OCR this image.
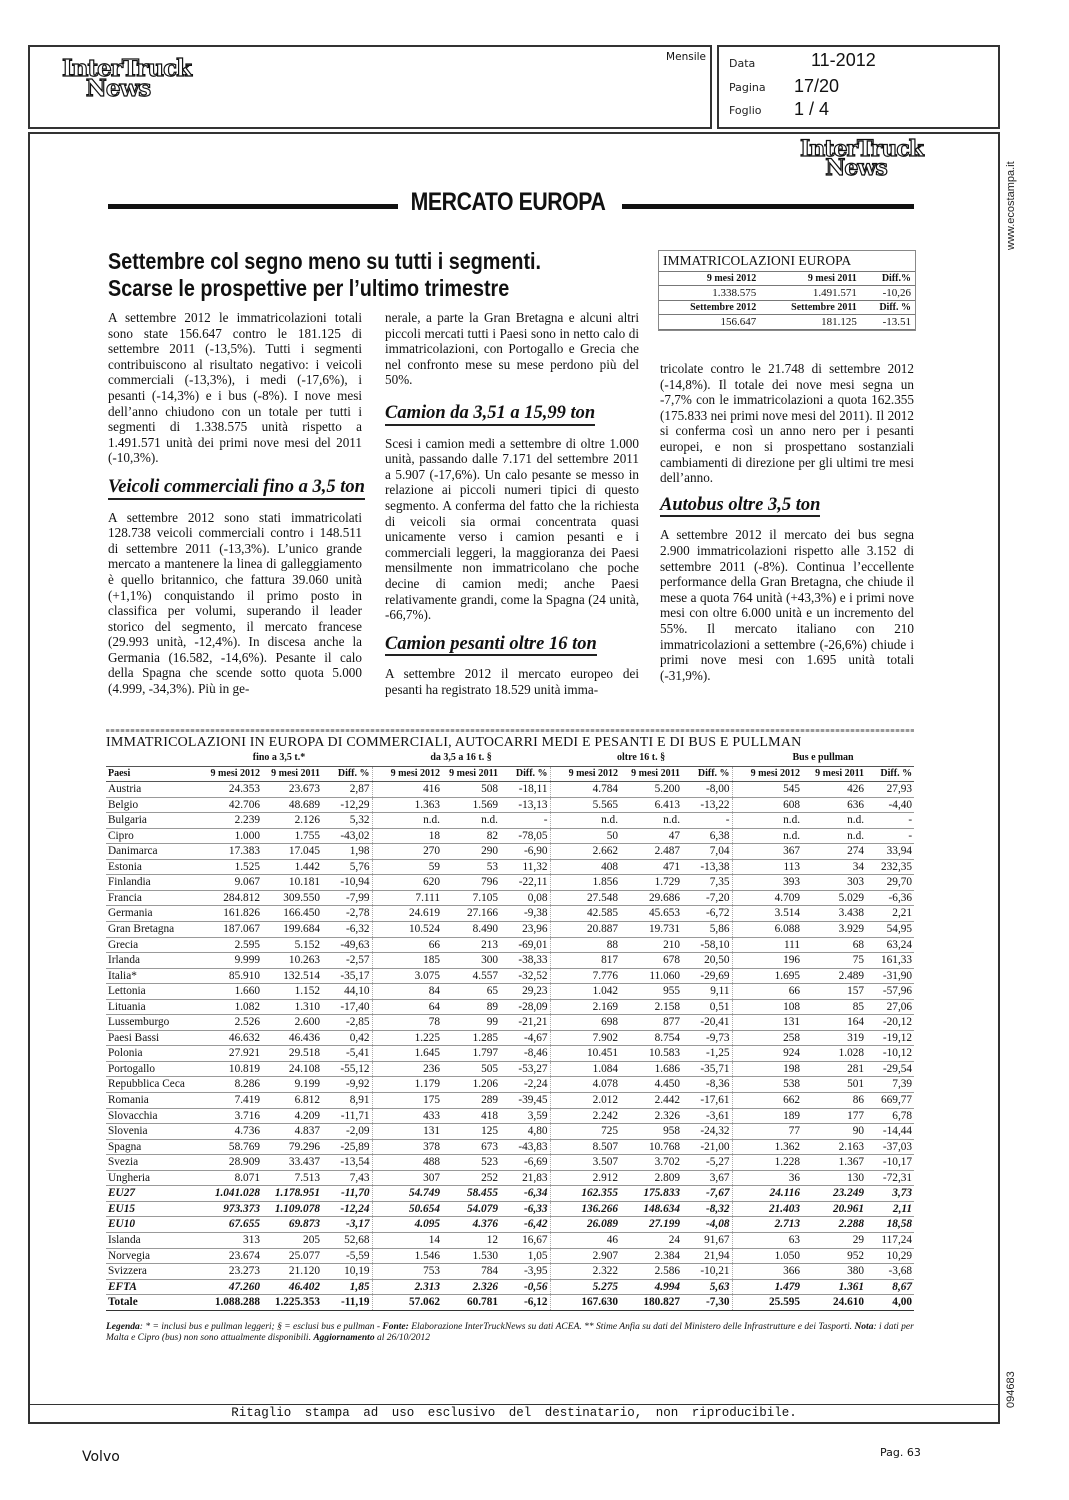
InterTruck
News
Mensile Data	11-2012
Pagina 17/20
Foglio 1 / 4
www.ecostampa.it
094683
InterTruck
News
MERCATO EUROPA
Settembre col segno meno su tutti i segmenti.
Scarse le prospettive per l’ultimo trimestre
IMMATRICOLAZIONI EUROPA
9 mesi 2012	9 mesi 2011	Diff.%
1.338.575	1.491.571	-10,26
Settembre 2012	Settembre 2011	Diff. %
156.647	181.125	-13.51

A settembre 2012 le immatricolazioni totali sono state 156.647 contro le 181.125 di settembre 2011 (-13,5%). Tutti i segmenti contribuiscono al risultato negativo: i veicoli commerciali (-13,3%), i medi (-17,6%), i pesanti (-14,3%) e i bus (-8%). I nove mesi dell’anno chiudono con un totale per tutti i segmenti di 1.338.575 unità rispetto a 1.491.571 unità dei primi nove mesi del 2011 (-10,3%).

Veicoli commerciali fino a 3,5 ton

A settembre 2012 sono stati immatricolati 128.738 veicoli commerciali contro i 148.511 di settembre 2011 (-13,3%). L’unico grande mercato a mantenere la linea di galleggiamento è quello britannico, che fattura 39.060 unità (+1,1%) conquistando il primo posto in classifica per volumi, superando il leader storico del segmento, il mercato francese (29.993 unità, -12,4%). In discesa anche la Germania (16.582, -14,6%). Pesante il calo della Spagna che scende sotto quota 5.000 (4.999, -34,3%). Più in ge-

nerale, a parte la Gran Bretagna e alcuni altri piccoli mercati tutti i Paesi sono in netto calo di immatricolazioni, con Portogallo e Grecia che nel confronto mese su mese perdono più del 50%.

Camion da 3,51 a 15,99 ton

Scesi i camion medi a settembre di oltre 1.000 unità, passando dalle 7.171 del settembre 2011 a 5.907 (-17,6%). Un calo pesante se messo in relazione ai piccoli numeri tipici di questo segmento. A conferma del fatto che la richiesta di veicoli sia ormai concentrata quasi unicamente verso i camion pesanti e i commerciali leggeri, la maggioranza dei Paesi mensilmente non immatricolano che poche decine di camion medi; anche Paesi relativamente grandi, come la Spagna (24 unità, -66,7%).

Camion pesanti oltre 16 ton

A settembre 2012 il mercato europeo dei pesanti ha registrato 18.529 unità imma-

tricolate contro le 21.748 di settembre 2012 (-14,8%). Il totale dei nove mesi segna un -7,7% con le immatricolazioni a quota 162.355 (175.833 nei primi nove mesi del 2011). Il 2012 si conferma così un anno nero per i pesanti europei, e non si prospettano sostanziali cambiamenti di direzione per gli ultimi tre mesi dell’anno.

Autobus oltre 3,5 ton

A settembre 2012 il mercato dei bus segna 2.900 immatricolazioni rispetto alle 3.152 di settembre 2011 (-8%). Continua l’eccellente performance della Gran Bretagna, che chiude il mese a quota 764 unità (+43,3%) e i primi nove mesi con oltre 6.000 unità e un incremento del 55%. Il mercato italiano con 210 immatricolazioni a settembre (-26,6%) chiude i primi nove mesi con 1.695 unità totali (-31,9%).

IMMATRICOLAZIONI IN EUROPA DI COMMERCIALI, AUTOCARRI MEDI E PESANTI E DI BUS E PULLMAN
	fino a 3,5 t.*			da 3,5 a 16 t. §			oltre 16 t. §			Bus e pullman		
Paesi	9 mesi 2012	9 mesi 2011	Diff. %	9 mesi 2012	9 mesi 2011	Diff. %	9 mesi 2012	9 mesi 2011	Diff. %	9 mesi 2012	9 mesi 2011	Diff. %
Austria	24.353	23.673	2,87	416	508	-18,11	4.784	5.200	-8,00	545	426	27,93
Belgio	42.706	48.689	-12,29	1.363	1.569	-13,13	5.565	6.413	-13,22	608	636	-4,40
Bulgaria	2.239	2.126	5,32	n.d.	n.d.	-	n.d.	n.d.	-	n.d.	n.d.	-
Cipro	1.000	1.755	-43,02	18	82	-78,05	50	47	6,38	n.d.	n.d.	-
Danimarca	17.383	17.045	1,98	270	290	-6,90	2.662	2.487	7,04	367	274	33,94
Estonia	1.525	1.442	5,76	59	53	11,32	408	471	-13,38	113	34	232,35
Finlandia	9.067	10.181	-10,94	620	796	-22,11	1.856	1.729	7,35	393	303	29,70
Francia	284.812	309.550	-7,99	7.111	7.105	0,08	27.548	29.686	-7,20	4.709	5.029	-6,36
Germania	161.826	166.450	-2,78	24.619	27.166	-9,38	42.585	45.653	-6,72	3.514	3.438	2,21
Gran Bretagna	187.067	199.684	-6,32	10.524	8.490	23,96	20.887	19.731	5,86	6.088	3.929	54,95
Grecia	2.595	5.152	-49,63	66	213	-69,01	88	210	-58,10	111	68	63,24
Irlanda	9.999	10.263	-2,57	185	300	-38,33	817	678	20,50	196	75	161,33
Italia*	85.910	132.514	-35,17	3.075	4.557	-32,52	7.776	11.060	-29,69	1.695	2.489	-31,90
Lettonia	1.660	1.152	44,10	84	65	29,23	1.042	955	9,11	66	157	-57,96
Lituania	1.082	1.310	-17,40	64	89	-28,09	2.169	2.158	0,51	108	85	27,06
Lussemburgo	2.526	2.600	-2,85	78	99	-21,21	698	877	-20,41	131	164	-20,12
Paesi Bassi	46.632	46.436	0,42	1.225	1.285	-4,67	7.902	8.754	-9,73	258	319	-19,12
Polonia	27.921	29.518	-5,41	1.645	1.797	-8,46	10.451	10.583	-1,25	924	1.028	-10,12
Portogallo	10.819	24.108	-55,12	236	505	-53,27	1.084	1.686	-35,71	198	281	-29,54
Repubblica Ceca	8.286	9.199	-9,92	1.179	1.206	-2,24	4.078	4.450	-8,36	538	501	7,39
Romania	7.419	6.812	8,91	175	289	-39,45	2.012	2.442	-17,61	662	86	669,77
Slovacchia	3.716	4.209	-11,71	433	418	3,59	2.242	2.326	-3,61	189	177	6,78
Slovenia	4.736	4.837	-2,09	131	125	4,80	725	958	-24,32	77	90	-14,44
Spagna	58.769	79.296	-25,89	378	673	-43,83	8.507	10.768	-21,00	1.362	2.163	-37,03
Svezia	28.909	33.437	-13,54	488	523	-6,69	3.507	3.702	-5,27	1.228	1.367	-10,17
Ungheria	8.071	7.513	7,43	307	252	21,83	2.912	2.809	3,67	36	130	-72,31
EU27	1.041.028	1.178.951	-11,70	54.749	58.455	-6,34	162.355	175.833	-7,67	24.116	23.249	3,73
EU15	973.373	1.109.078	-12,24	50.654	54.079	-6,33	136.266	148.634	-8,32	21.403	20.961	2,11
EU10	67.655	69.873	-3,17	4.095	4.376	-6,42	26.089	27.199	-4,08	2.713	2.288	18,58
Islanda	313	205	52,68	14	12	16,67	46	24	91,67	63	29	117,24
Norvegia	23.674	25.077	-5,59	1.546	1.530	1,05	2.907	2.384	21,94	1.050	952	10,29
Svizzera	23.273	21.120	10,19	753	784	-3,95	2.322	2.586	-10,21	366	380	-3,68
EFTA	47.260	46.402	1,85	2.313	2.326	-0,56	5.275	4.994	5,63	1.479	1.361	8,67
Totale	1.088.288	1.225.353	-11,19	57.062	60.781	-6,12	167.630	180.827	-7,30	25.595	24.610	4,00
Legenda: * = inclusi bus e pullman leggeri; § = esclusi bus e pullman - Fonte: Elaborazione InterTruckNews su dati ACEA. ** Stime Anfia su dati del Ministero delle Infrastrutture e dei Tasporti. Nota: i dati per Malta e Cipro (bus) non sono attualmente disponibili. Aggiornamento al 26/10/2012
Ritaglio stampa ad uso esclusivo del destinatario, non riproducibile.
Volvo	Pag. 63
